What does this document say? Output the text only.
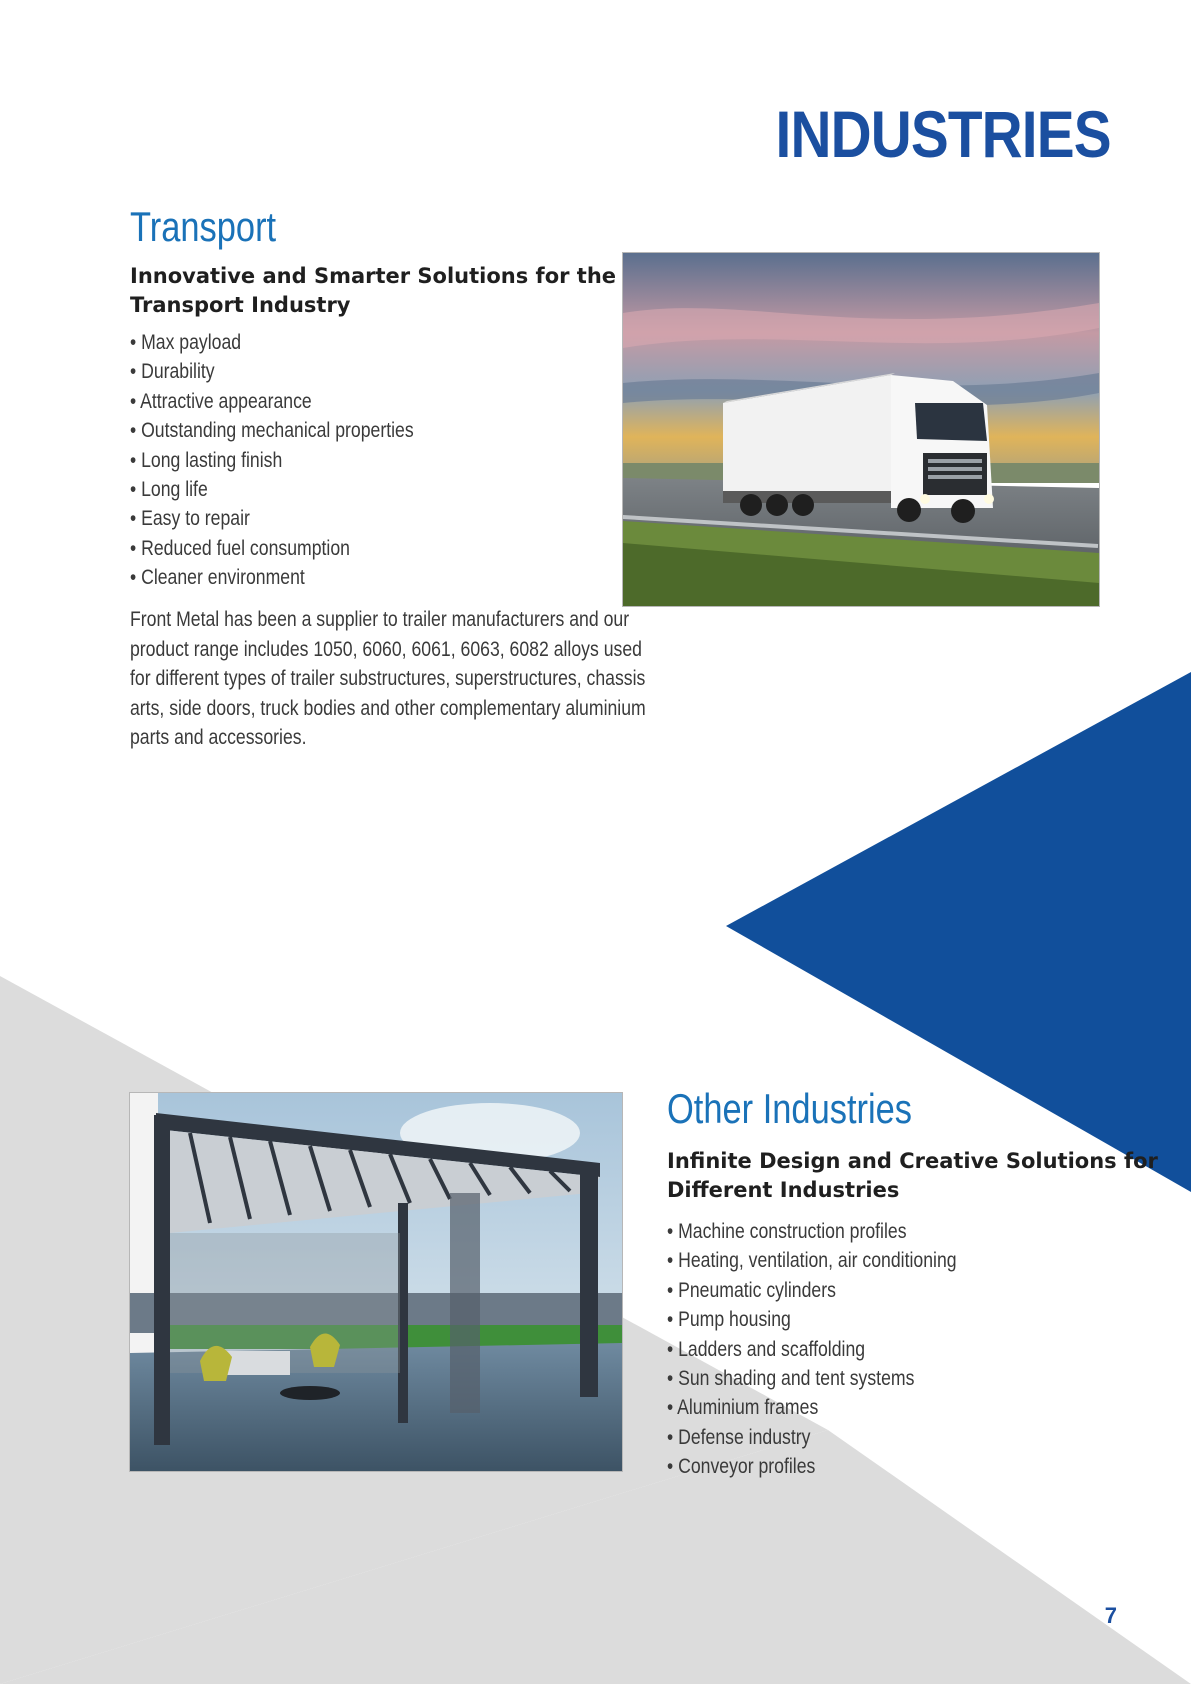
INDUSTRIES
Transport
Innovative and Smarter Solutions for the
Transport Industry
• Max payload
• Durability
• Attractive appearance
• Outstanding mechanical properties
• Long lasting finish
• Long life
• Easy to repair
• Reduced fuel consumption
• Cleaner environment

Front Metal has been a supplier to trailer manufacturers and our
product range includes 1050, 6060, 6061, 6063, 6082 alloys used
for different types of trailer substructures, superstructures, chassis
arts, side doors, truck bodies and other complementary aluminium
parts and accessories.

Other Industries
Infinite Design and Creative Solutions for
Different Industries
• Machine construction profiles
• Heating, ventilation, air conditioning
• Pneumatic cylinders
• Pump housing
• Ladders and scaffolding
• Sun shading and tent systems
• Aluminium frames
• Defense industry
• Conveyor profiles

7
